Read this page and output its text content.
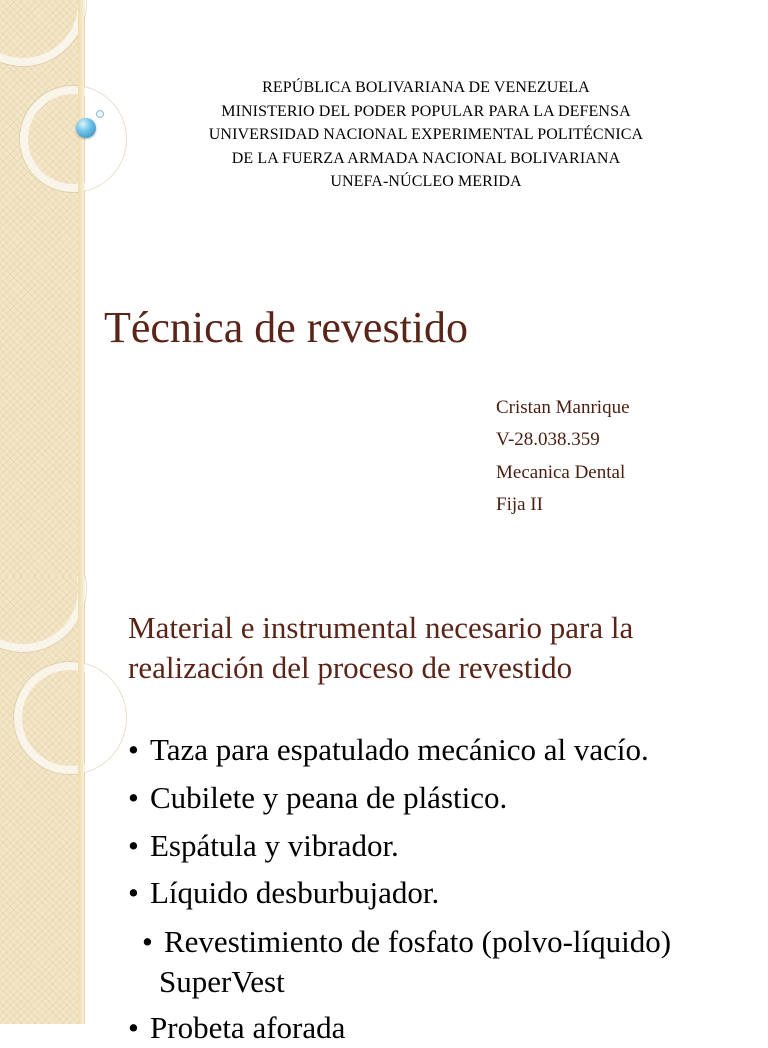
REPÚBLICA BOLIVARIANA DE VENEZUELA
MINISTERIO DEL PODER POPULAR PARA LA DEFENSA
UNIVERSIDAD NACIONAL EXPERIMENTAL POLITÉCNICA
DE LA FUERZA ARMADA NACIONAL BOLIVARIANA
UNEFA-NÚCLEO MERIDA
Técnica de revestido
Cristan Manrique
V-28.038.359
Mecanica Dental
Fija II
Material e instrumental necesario para la realización del proceso de revestido
• Taza para espatulado mecánico al vacío.
• Cubilete y peana de plástico.
• Espátula y vibrador.
• Líquido desburbujador.
• Revestimiento de fosfato (polvo-líquido)
SuperVest
• Probeta aforada
